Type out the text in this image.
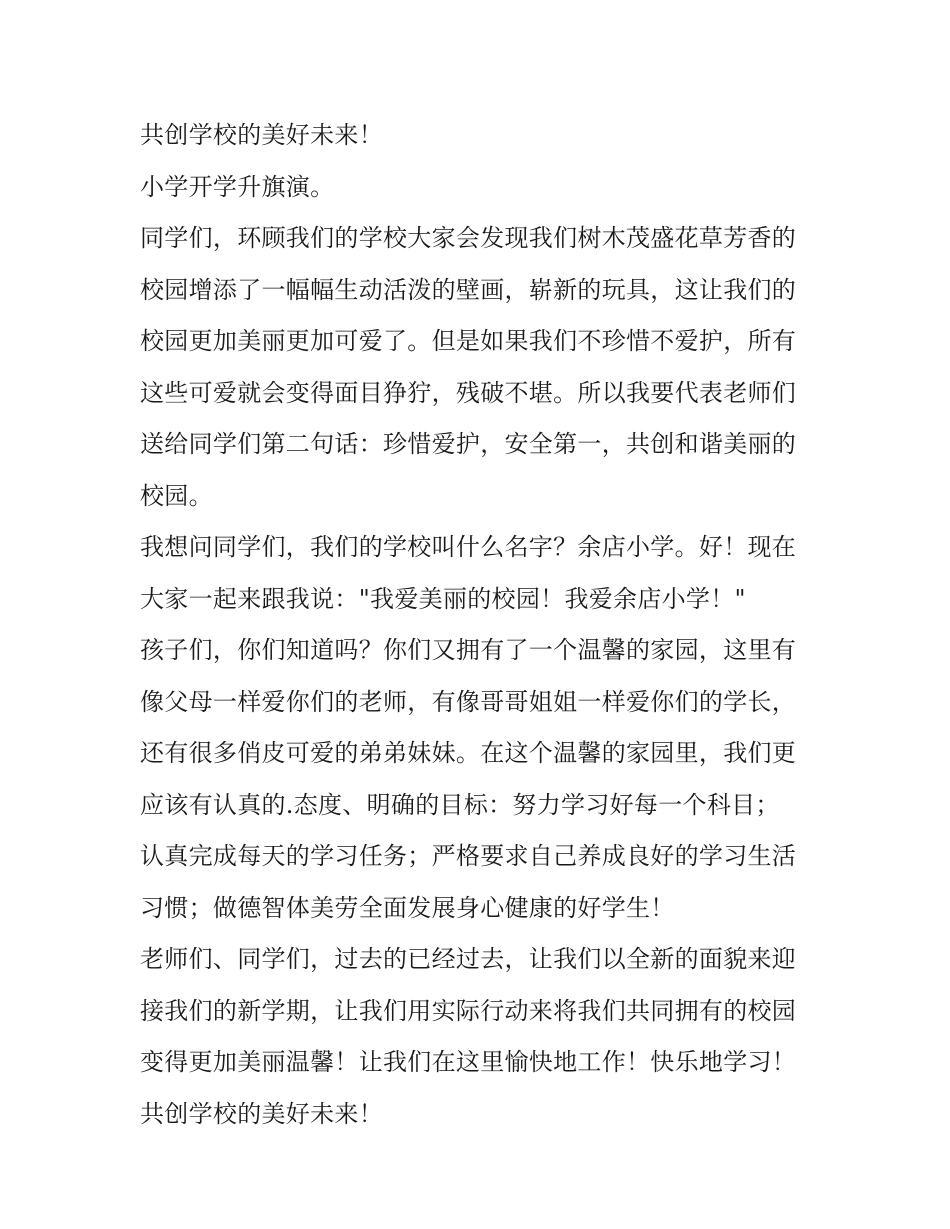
共创学校的美好未来！
小学开学升旗演。
同学们，环顾我们的学校大家会发现我们树木茂盛花草芳香的
校园增添了一幅幅生动活泼的壁画，崭新的玩具，这让我们的
校园更加美丽更加可爱了。但是如果我们不珍惜不爱护，所有
这些可爱就会变得面目狰狞，残破不堪。所以我要代表老师们
送给同学们第二句话：珍惜爱护，安全第一，共创和谐美丽的
校园。
我想问同学们，我们的学校叫什么名字？余店小学。好！现在
大家一起来跟我说："我爱美丽的校园！我爱余店小学！"
孩子们，你们知道吗？你们又拥有了一个温馨的家园，这里有
像父母一样爱你们的老师，有像哥哥姐姐一样爱你们的学长，
还有很多俏皮可爱的弟弟妹妹。在这个温馨的家园里，我们更
应该有认真的.态度、明确的目标：努力学习好每一个科目；
认真完成每天的学习任务；严格要求自己养成良好的学习生活
习惯；做德智体美劳全面发展身心健康的好学生！
老师们、同学们，过去的已经过去，让我们以全新的面貌来迎
接我们的新学期，让我们用实际行动来将我们共同拥有的校园
变得更加美丽温馨！让我们在这里愉快地工作！快乐地学习！
共创学校的美好未来！
